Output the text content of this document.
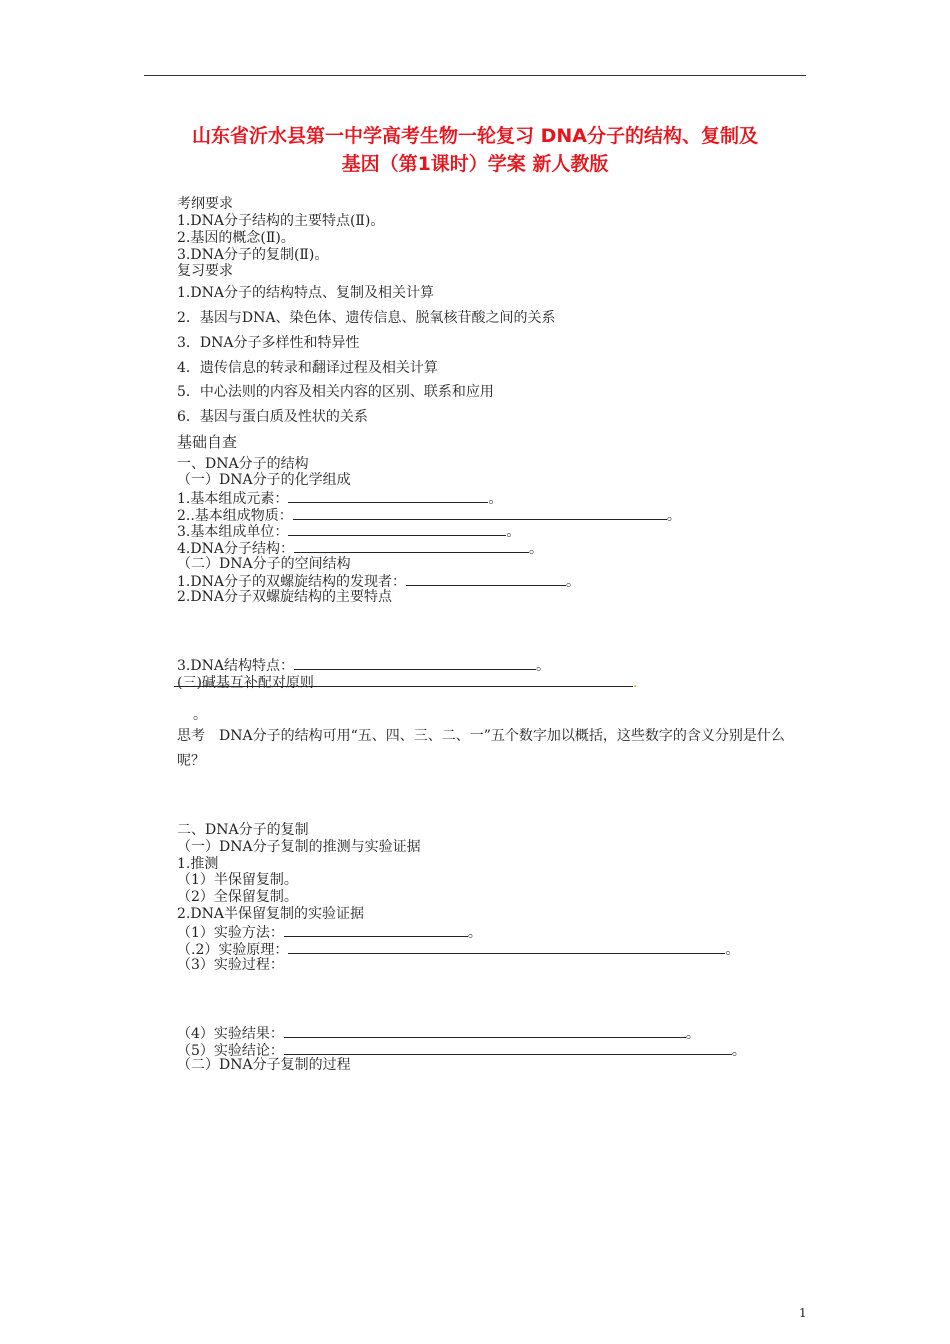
山东省沂水县第一中学高考生物一轮复习 DNA分子的结构、复制及
基因（第1课时）学案 新人教版
考纲要求
1.DNA分子结构的主要特点(Ⅱ)。
2.基因的概念(Ⅱ)。
3.DNA分子的复制(Ⅱ)。
复习要求
1.DNA分子的结构特点、复制及相关计算
2．基因与DNA、染色体、遗传信息、脱氧核苷酸之间的关系
3．DNA分子多样性和特异性
4．遗传信息的转录和翻译过程及相关计算
5．中心法则的内容及相关内容的区别、联系和应用
6．基因与蛋白质及性状的关系
基础自查
一、DNA分子的结构
（一）DNA分子的化学组成
1.基本组成元素：	。
2..基本组成物质：	。
3.基本组成单位：	。
4.DNA分子结构：	。
（二）DNA分子的空间结构
1.DNA分子的双螺旋结构的发现者：	。
2.DNA分子双螺旋结构的主要特点
3.DNA结构特点：	。
(三)碱基互补配对原则	.
。
思考　DNA分子的结构可用“五、四、三、二、一”五个数字加以概括，这些数字的含义分别是什么呢？
二、DNA分子的复制
（一）DNA分子复制的推测与实验证据
1.推测
（1）半保留复制。
（2）全保留复制。
2.DNA半保留复制的实验证据
（1）实验方法：	。
（.2）实验原理：	。
（3）实验过程：
（4）实验结果：	。
（5）实验结论：	。
（二）DNA分子复制的过程
1
